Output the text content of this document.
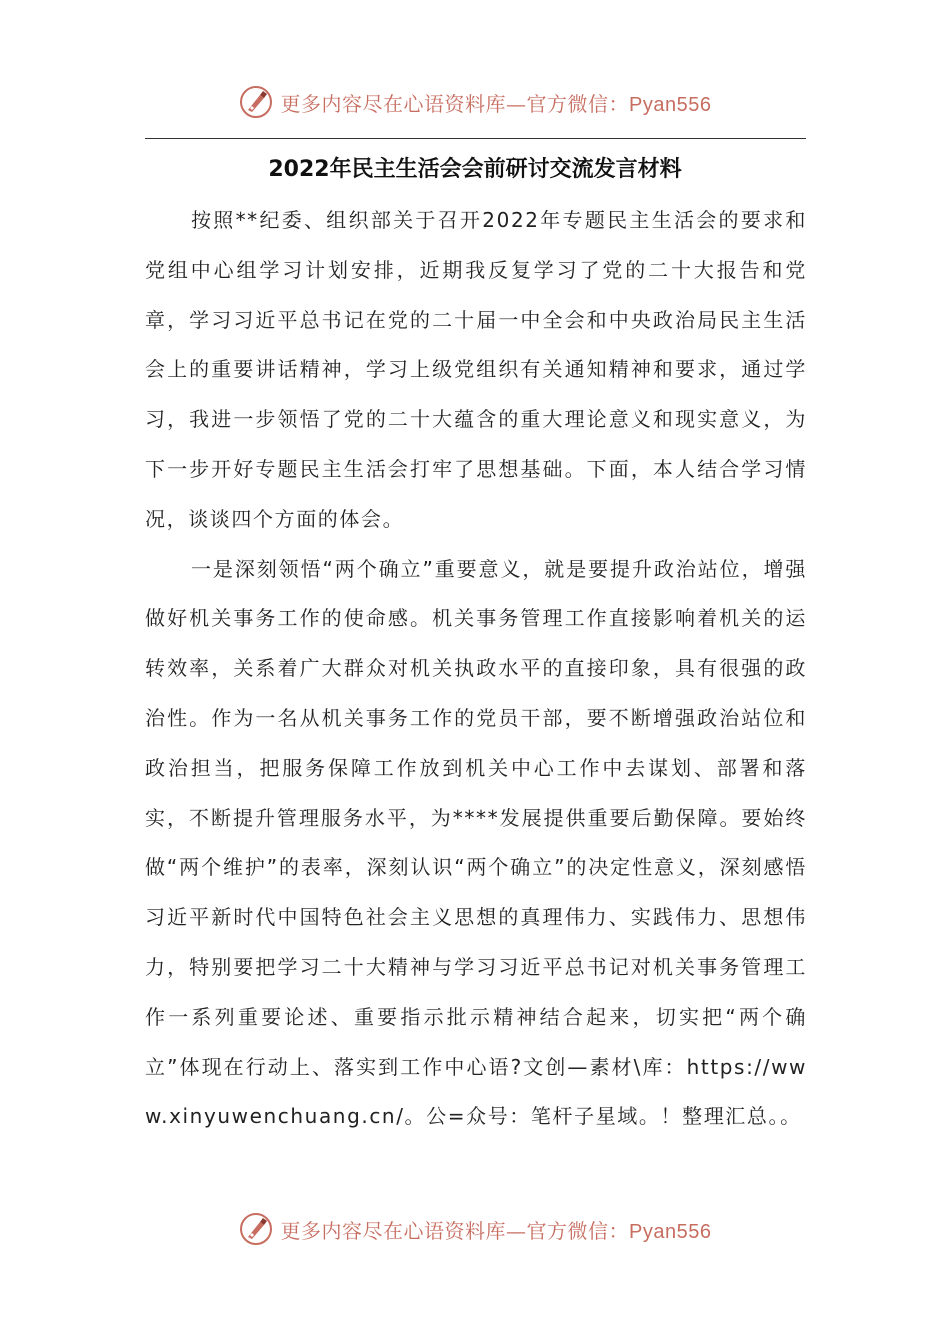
更多内容尽在心语资料库—官方微信：Pyan556
2022年民主生活会会前研讨交流发言材料

按照**纪委、组织部关于召开2022年专题民主生活会的要求和党组中心组学习计划安排，近期我反复学习了党的二十大报告和党章，学习习近平总书记在党的二十届一中全会和中央政治局民主生活会上的重要讲话精神，学习上级党组织有关通知精神和要求，通过学习，我进一步领悟了党的二十大蕴含的重大理论意义和现实意义，为下一步开好专题民主生活会打牢了思想基础。下面，本人结合学习情况，谈谈四个方面的体会。

一是深刻领悟“两个确立”重要意义，就是要提升政治站位，增强做好机关事务工作的使命感。机关事务管理工作直接影响着机关的运转效率，关系着广大群众对机关执政水平的直接印象，具有很强的政治性。作为一名从机关事务工作的党员干部，要不断增强政治站位和政治担当，把服务保障工作放到机关中心工作中去谋划、部署和落实，不断提升管理服务水平，为****发展提供重要后勤保障。要始终做“两个维护”的表率，深刻认识“两个确立”的决定性意义，深刻感悟习近平新时代中国特色社会主义思想的真理伟力、实践伟力、思想伟力，特别要把学习二十大精神与学习习近平总书记对机关事务管理工作一系列重要论述、重要指示批示精神结合起来，切实把“两个确立”体现在行动上、落实到工作中心语?文创—素材\库：https://www.xinyuwenchuang.cn/。公=众号：笔杆子星域。！整理汇总。。

更多内容尽在心语资料库—官方微信：Pyan556
